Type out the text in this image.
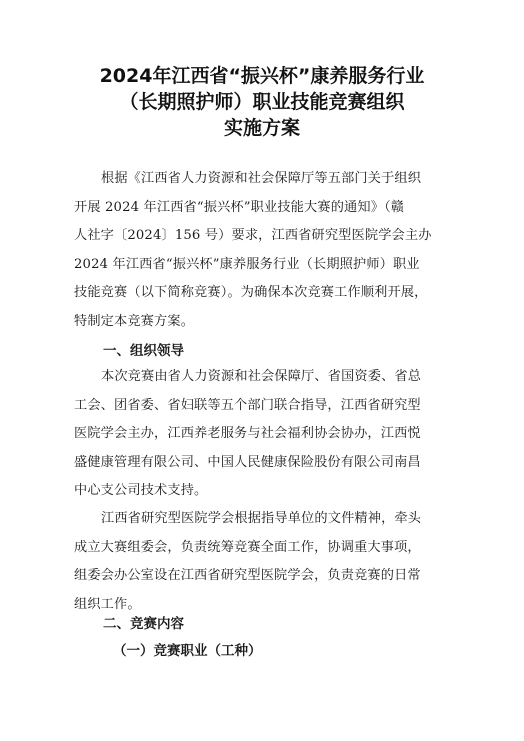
2024年江西省“振兴杯”康养服务行业
（长期照护师）职业技能竞赛组织
实施方案
根据《江西省人力资源和社会保障厅等五部门关于组织
开展 2024 年江西省“振兴杯”职业技能大赛的通知》（赣
人社字〔2024〕156 号）要求，江西省研究型医院学会主办
2024 年江西省“振兴杯”康养服务行业（长期照护师）职业
技能竞赛（以下简称竞赛）。为确保本次竞赛工作顺利开展，
特制定本竞赛方案。
一、组织领导
本次竞赛由省人力资源和社会保障厅、省国资委、省总
工会、团省委、省妇联等五个部门联合指导，江西省研究型
医院学会主办，江西养老服务与社会福利协会协办，江西悦
盛健康管理有限公司、中国人民健康保险股份有限公司南昌
中心支公司技术支持。
江西省研究型医院学会根据指导单位的文件精神，牵头
成立大赛组委会，负责统筹竞赛全面工作，协调重大事项，
组委会办公室设在江西省研究型医院学会，负责竞赛的日常
组织工作。
二、竞赛内容
（一）竞赛职业（工种）
